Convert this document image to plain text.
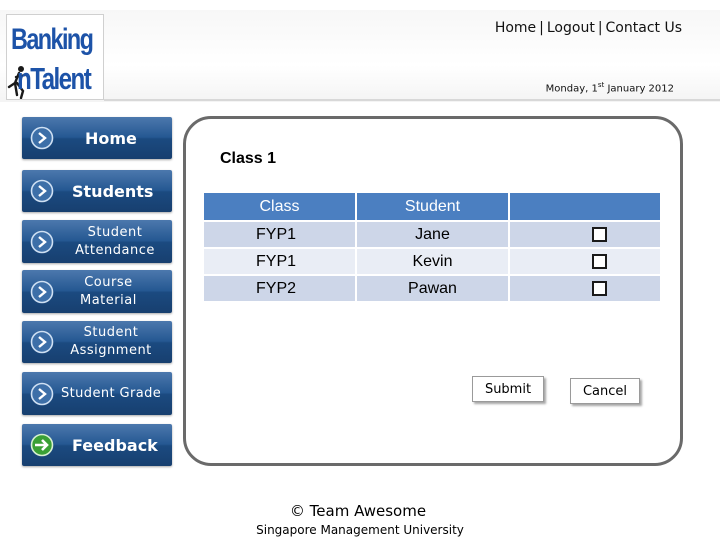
Banking
nTalent
Home | Logout | Contact Us
Monday, 1st January 2012
Home
Students
Student Attendance
Course Material
Student Assignment
Student Grade
Feedback
Class 1
Class	Student	
FYP1	Jane	
FYP1	Kevin	
FYP2	Pawan	
Submit	Cancel
© Team Awesome
Singapore Management University
